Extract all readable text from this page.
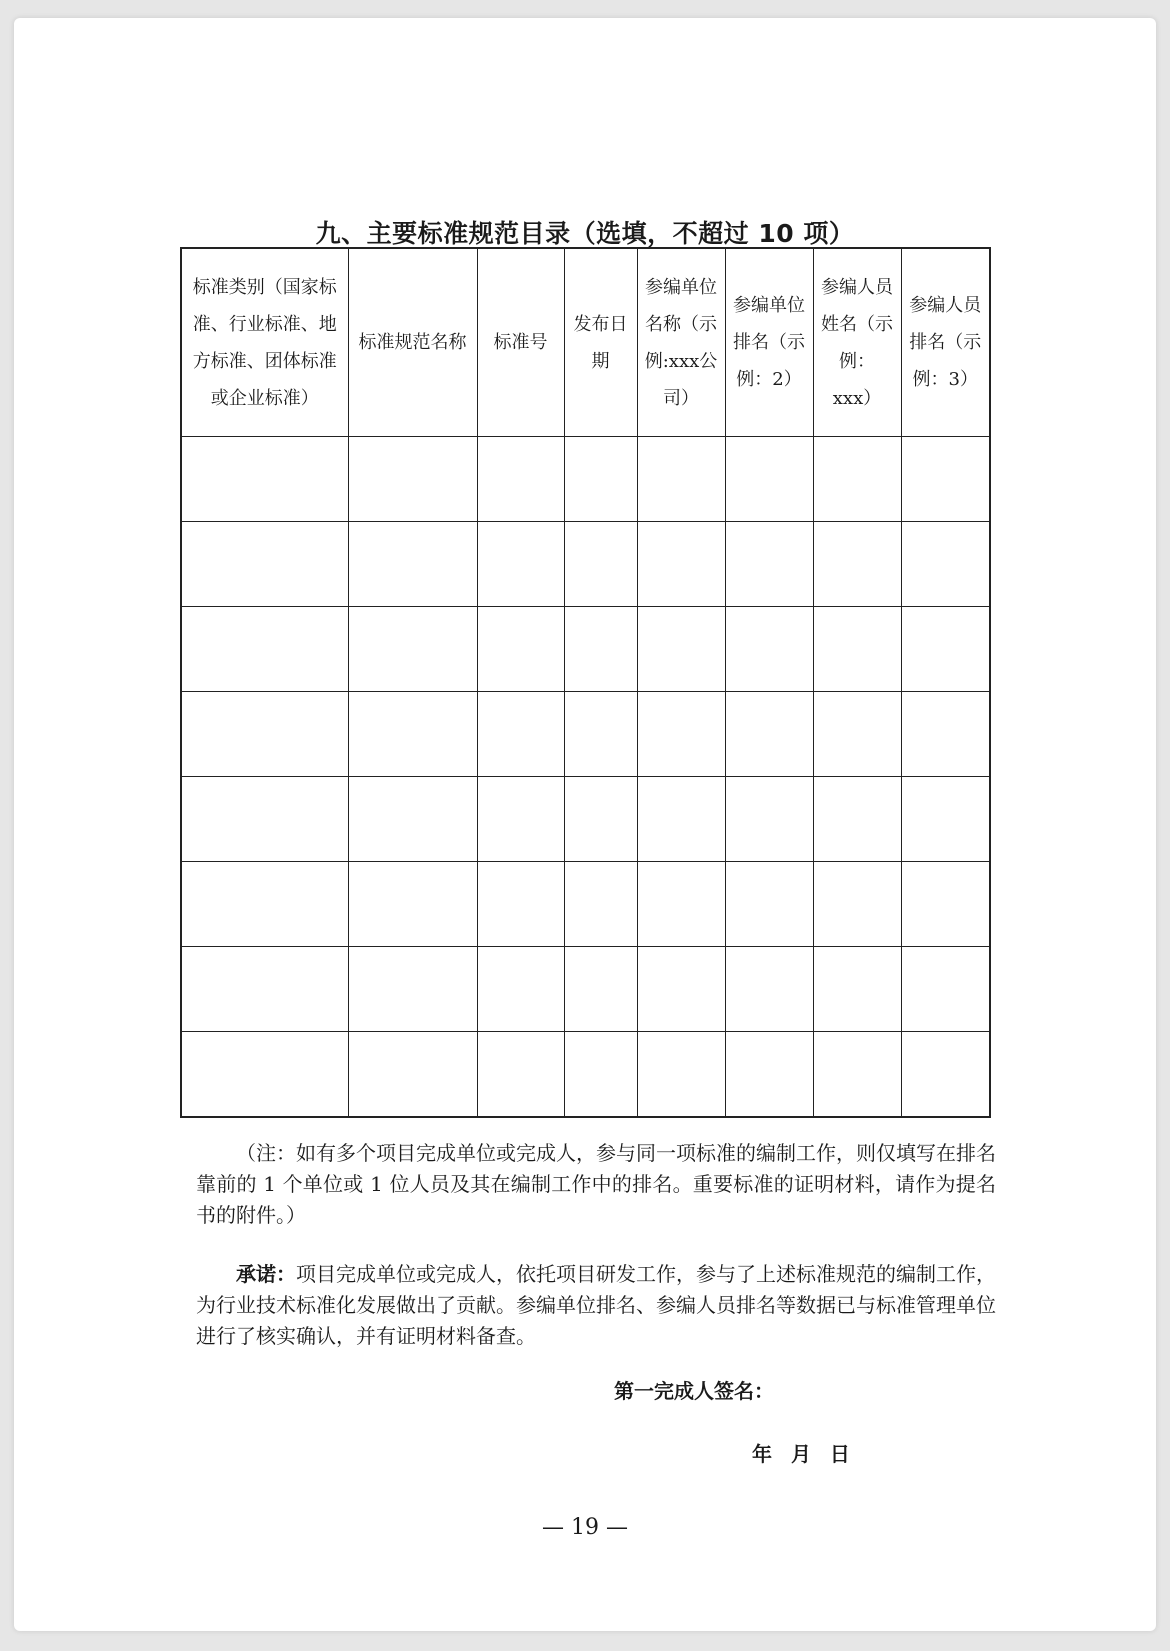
九、主要标准规范目录（选填，不超过 10 项）
标准类别（国家标准、行业标准、地方标准、团体标准或企业标准）	标准规范名称	标准号	发布日期	参编单位名称（示例:xxx公司）	参编单位排名（示例：2）	参编人员姓名（示例：xxx）	参编人员排名（示例：3）

（注：如有多个项目完成单位或完成人，参与同一项标准的编制工作，则仅填写在排名靠前的 1 个单位或 1 位人员及其在编制工作中的排名。重要标准的证明材料，请作为提名书的附件。）

承诺：项目完成单位或完成人，依托项目研发工作，参与了上述标准规范的编制工作，为行业技术标准化发展做出了贡献。参编单位排名、参编人员排名等数据已与标准管理单位进行了核实确认，并有证明材料备查。

第一完成人签名：

年 月 日

— 19 —
